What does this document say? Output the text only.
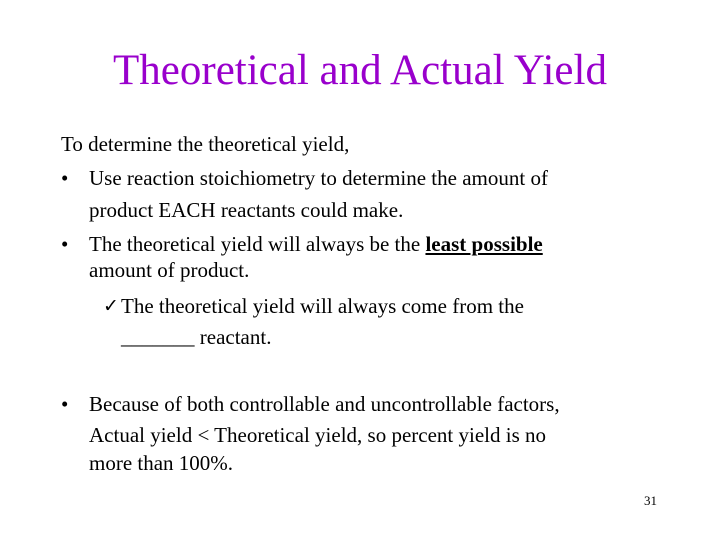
Theoretical and Actual Yield
To determine the theoretical yield,
• Use reaction stoichiometry to determine the amount of
product EACH reactants could make.
• The theoretical yield will always be the least possible
amount of product.
✓ The theoretical yield will always come from the
_______ reactant.
• Because of both controllable and uncontrollable factors,
Actual yield < Theoretical yield, so percent yield is no
more than 100%.
31
